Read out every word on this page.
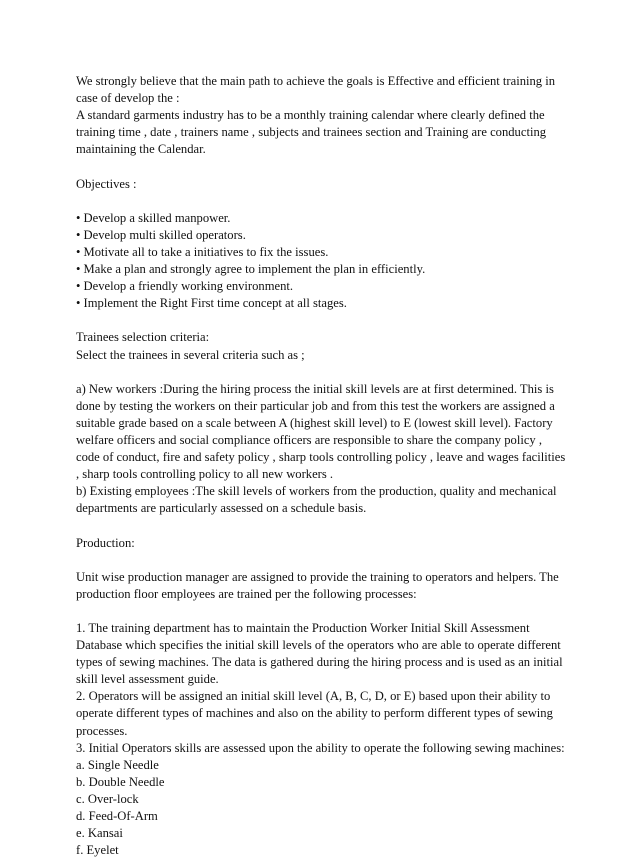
We strongly believe that the main path to achieve the goals is Effective and efficient training in
case of develop the :
A standard garments industry has to be a monthly training calendar where clearly defined the
training time , date , trainers name , subjects and trainees section and Training are conducting
maintaining the Calendar.
Objectives :
• Develop a skilled manpower.
• Develop multi skilled operators.
• Motivate all to take a initiatives to fix the issues.
• Make a plan and strongly agree to implement the plan in efficiently.
• Develop a friendly working environment.
• Implement the Right First time concept at all stages.
Trainees selection criteria:
Select the trainees in several criteria such as ;
a) New workers :During the hiring process the initial skill levels are at first determined. This is
done by testing the workers on their particular job and from this test the workers are assigned a
suitable grade based on a scale between A (highest skill level) to E (lowest skill level). Factory
welfare officers and social compliance officers are responsible to share the company policy ,
code of conduct, fire and safety policy , sharp tools controlling policy , leave and wages facilities
, sharp tools controlling policy to all new workers .
b) Existing employees :The skill levels of workers from the production, quality and mechanical
departments are particularly assessed on a schedule basis.
Production:
Unit wise production manager are assigned to provide the training to operators and helpers. The
production floor employees are trained per the following processes:
1. The training department has to maintain the Production Worker Initial Skill Assessment
Database which specifies the initial skill levels of the operators who are able to operate different
types of sewing machines. The data is gathered during the hiring process and is used as an initial
skill level assessment guide.
2. Operators will be assigned an initial skill level (A, B, C, D, or E) based upon their ability to
operate different types of machines and also on the ability to perform different types of sewing
processes.
3. Initial Operators skills are assessed upon the ability to operate the following sewing machines:
a. Single Needle
b. Double Needle
c. Over-lock
d. Feed-Of-Arm
e. Kansai
f. Eyelet
